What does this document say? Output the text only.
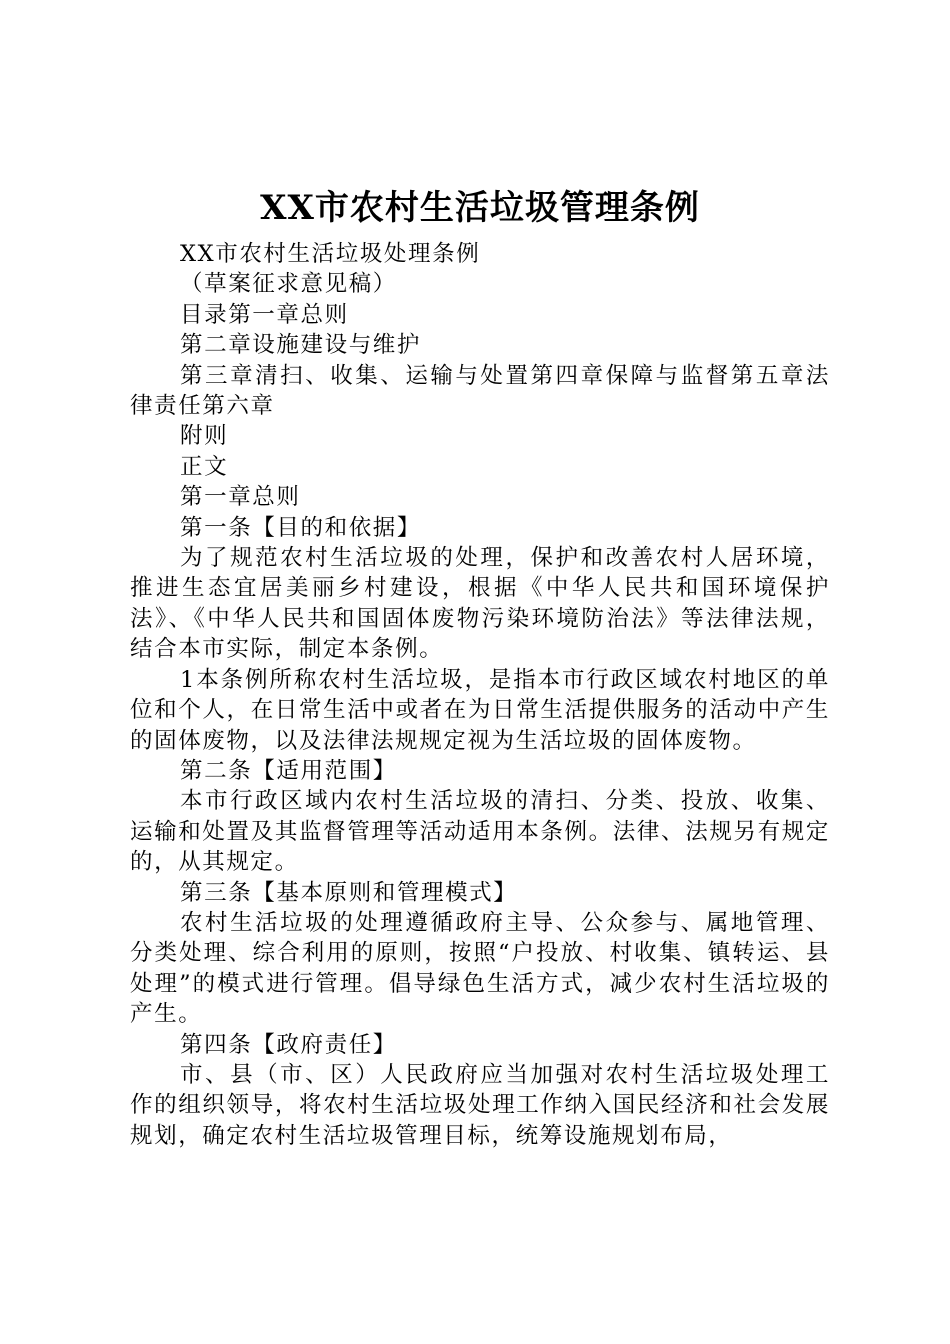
XX市农村生活垃圾管理条例

XX市农村生活垃圾处理条例

（草案征求意见稿）

目录第一章总则

第二章设施建设与维护

第三章清扫、收集、运输与处置第四章保障与监督第五章法律责任第六章

附则

正文

第一章总则

第一条【目的和依据】

为了规范农村生活垃圾的处理，保护和改善农村人居环境，推进生态宜居美丽乡村建设，根据《中华人民共和国环境保护法》、《中华人民共和国固体废物污染环境防治法》等法律法规，结合本市实际，制定本条例。

1本条例所称农村生活垃圾，是指本市行政区域农村地区的单位和个人，在日常生活中或者在为日常生活提供服务的活动中产生的固体废物，以及法律法规规定视为生活垃圾的固体废物。

第二条【适用范围】

本市行政区域内农村生活垃圾的清扫、分类、投放、收集、运输和处置及其监督管理等活动适用本条例。法律、法规另有规定的，从其规定。

第三条【基本原则和管理模式】

农村生活垃圾的处理遵循政府主导、公众参与、属地管理、分类处理、综合利用的原则，按照“户投放、村收集、镇转运、县处理”的模式进行管理。倡导绿色生活方式，减少农村生活垃圾的产生。

第四条【政府责任】

市、县（市、区）人民政府应当加强对农村生活垃圾处理工作的组织领导，将农村生活垃圾处理工作纳入国民经济和社会发展规划，确定农村生活垃圾管理目标，统筹设施规划布局，
